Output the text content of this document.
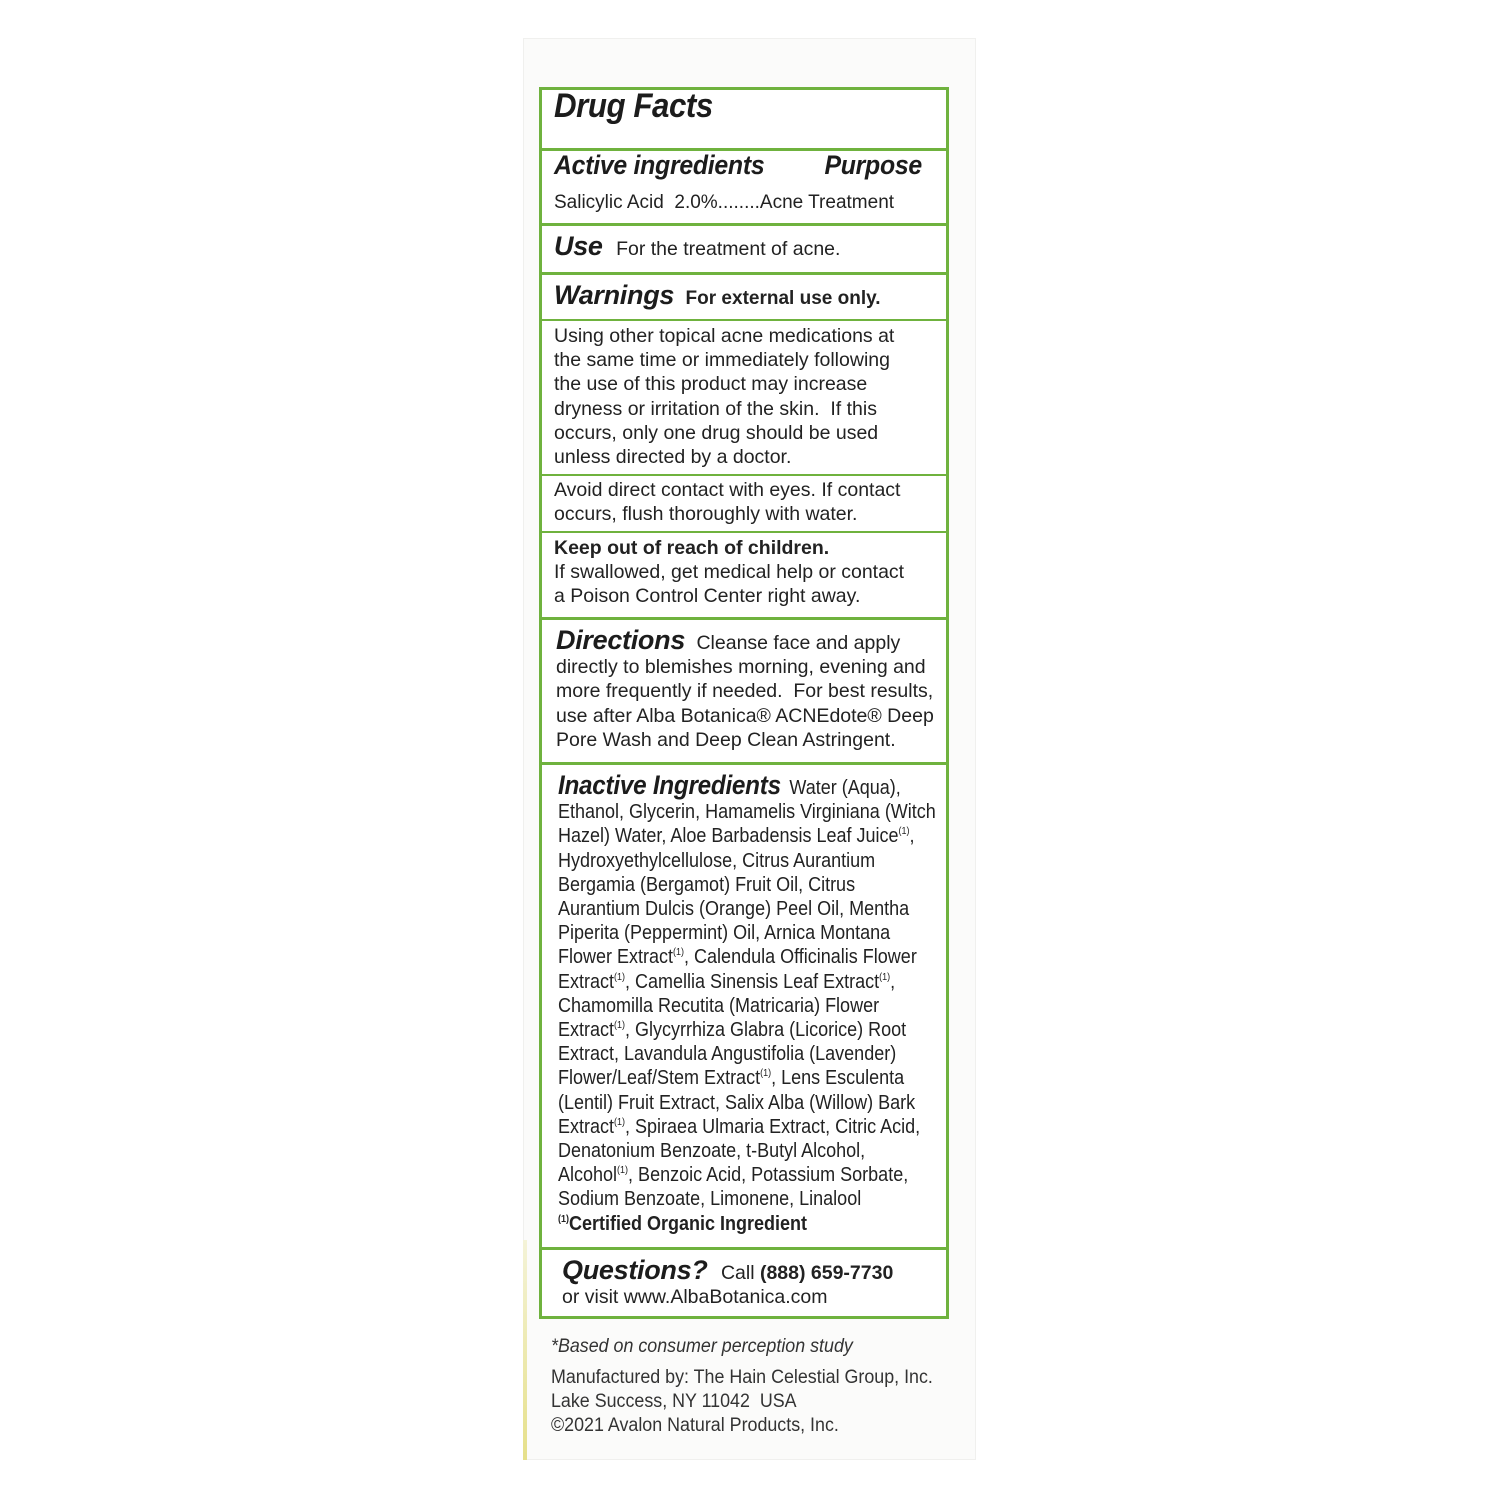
Drug Facts
Active ingredients Purpose
Salicylic Acid  2.0%........Acne Treatment
Use For the treatment of acne.
Warnings For external use only.
Using other topical acne medications at
the same time or immediately following
the use of this product may increase
dryness or irritation of the skin.  If this
occurs, only one drug should be used
unless directed by a doctor.
Avoid direct contact with eyes. If contact
occurs, flush thoroughly with water.
Keep out of reach of children.
If swallowed, get medical help or contact
a Poison Control Center right away.
Directions Cleanse face and apply
directly to blemishes morning, evening and
more frequently if needed.  For best results,
use after Alba Botanica® ACNEdote® Deep
Pore Wash and Deep Clean Astringent.
Inactive Ingredients Water (Aqua),
Ethanol, Glycerin, Hamamelis Virginiana (Witch
Hazel) Water, Aloe Barbadensis Leaf Juice$^{(1)}$,
Hydroxyethylcellulose, Citrus Aurantium
Bergamia (Bergamot) Fruit Oil, Citrus
Aurantium Dulcis (Orange) Peel Oil, Mentha
Piperita (Peppermint) Oil, Arnica Montana
Flower Extract$^{(1)}$, Calendula Officinalis Flower
Extract$^{(1)}$, Camellia Sinensis Leaf Extract$^{(1)}$,
Chamomilla Recutita (Matricaria) Flower
Extract$^{(1)}$, Glycyrrhiza Glabra (Licorice) Root
Extract, Lavandula Angustifolia (Lavender)
Flower/Leaf/Stem Extract$^{(1)}$, Lens Esculenta
(Lentil) Fruit Extract, Salix Alba (Willow) Bark
Extract$^{(1)}$, Spiraea Ulmaria Extract, Citric Acid,
Denatonium Benzoate, t-Butyl Alcohol,
Alcohol$^{(1)}$, Benzoic Acid, Potassium Sorbate,
Sodium Benzoate, Limonene, Linalool
$^{(1)}$Certified Organic Ingredient
Questions? Call (888) 659-7730
or visit www.AlbaBotanica.com
*Based on consumer perception study
Manufactured by: The Hain Celestial Group, Inc.
Lake Success, NY 11042  USA
©2021 Avalon Natural Products, Inc.
